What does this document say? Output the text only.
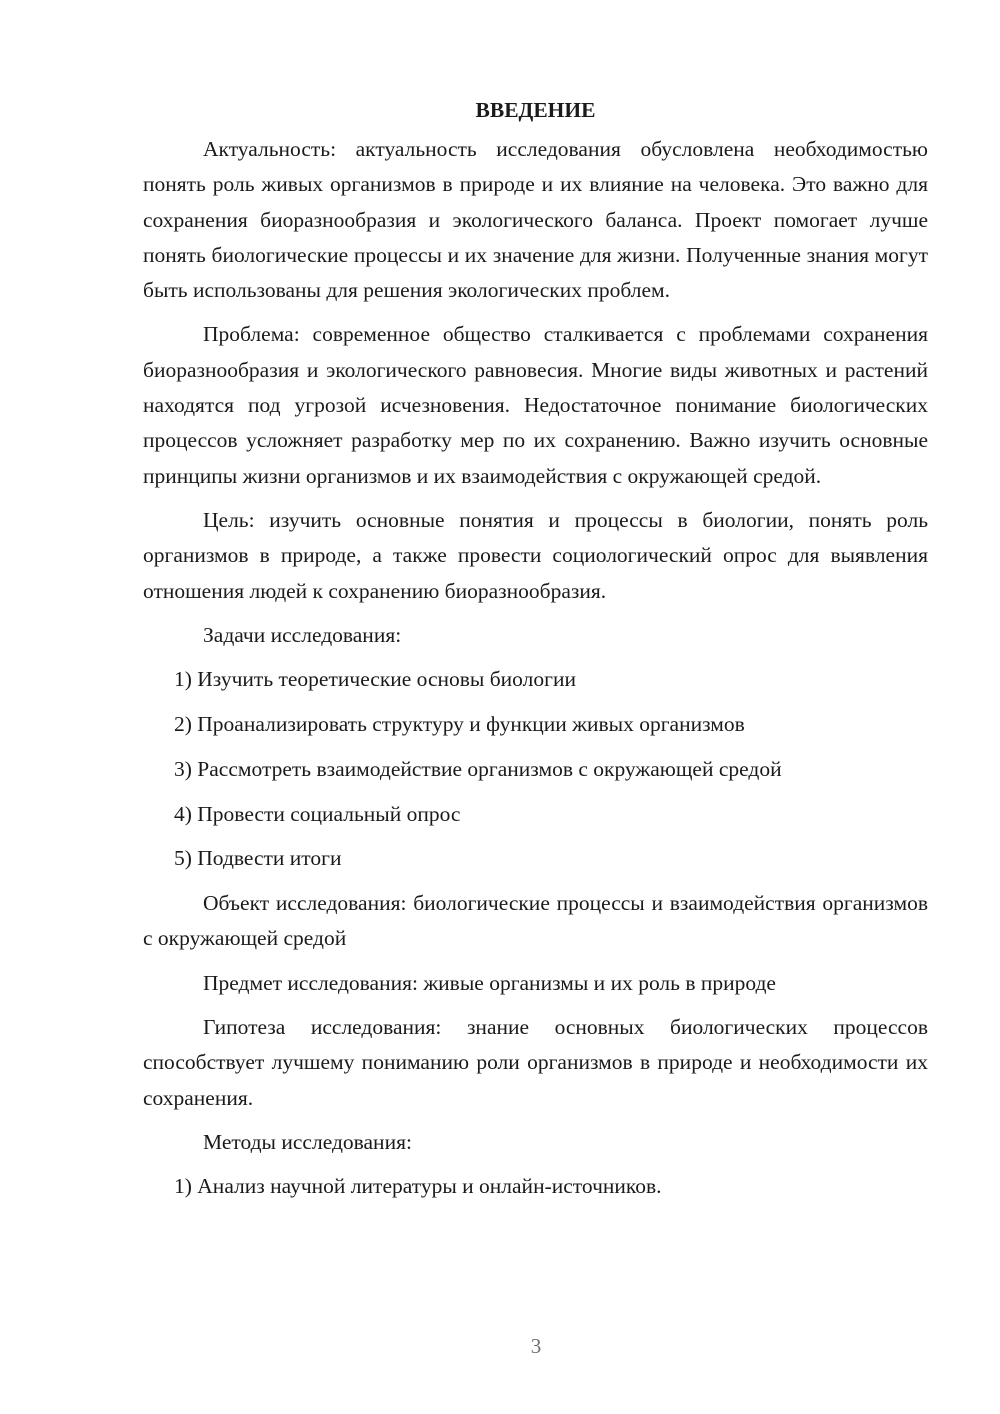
ВВЕДЕНИЕ

Актуальность: актуальность исследования обусловлена необходимостью понять роль живых организмов в природе и их влияние на человека. Это важно для сохранения биоразнообразия и экологического баланса. Проект помогает лучше понять биологические процессы и их значение для жизни. Полученные знания могут быть использованы для решения экологических проблем.

Проблема: современное общество сталкивается с проблемами сохранения биоразнообразия и экологического равновесия. Многие виды животных и растений находятся под угрозой исчезновения. Недостаточное понимание биологических процессов усложняет разработку мер по их сохранению. Важно изучить основные принципы жизни организмов и их взаимодействия с окружающей средой.

Цель: изучить основные понятия и процессы в биологии, понять роль организмов в природе, а также провести социологический опрос для выявления отношения людей к сохранению биоразнообразия.

Задачи исследования:

1) Изучить теоретические основы биологии
2) Проанализировать структуру и функции живых организмов
3) Рассмотреть взаимодействие организмов с окружающей средой
4) Провести социальный опрос
5) Подвести итоги

Объект исследования: биологические процессы и взаимодействия организмов с окружающей средой

Предмет исследования: живые организмы и их роль в природе

Гипотеза исследования: знание основных биологических процессов способствует лучшему пониманию роли организмов в природе и необходимости их сохранения.

Методы исследования:

1) Анализ научной литературы и онлайн-источников.
3
